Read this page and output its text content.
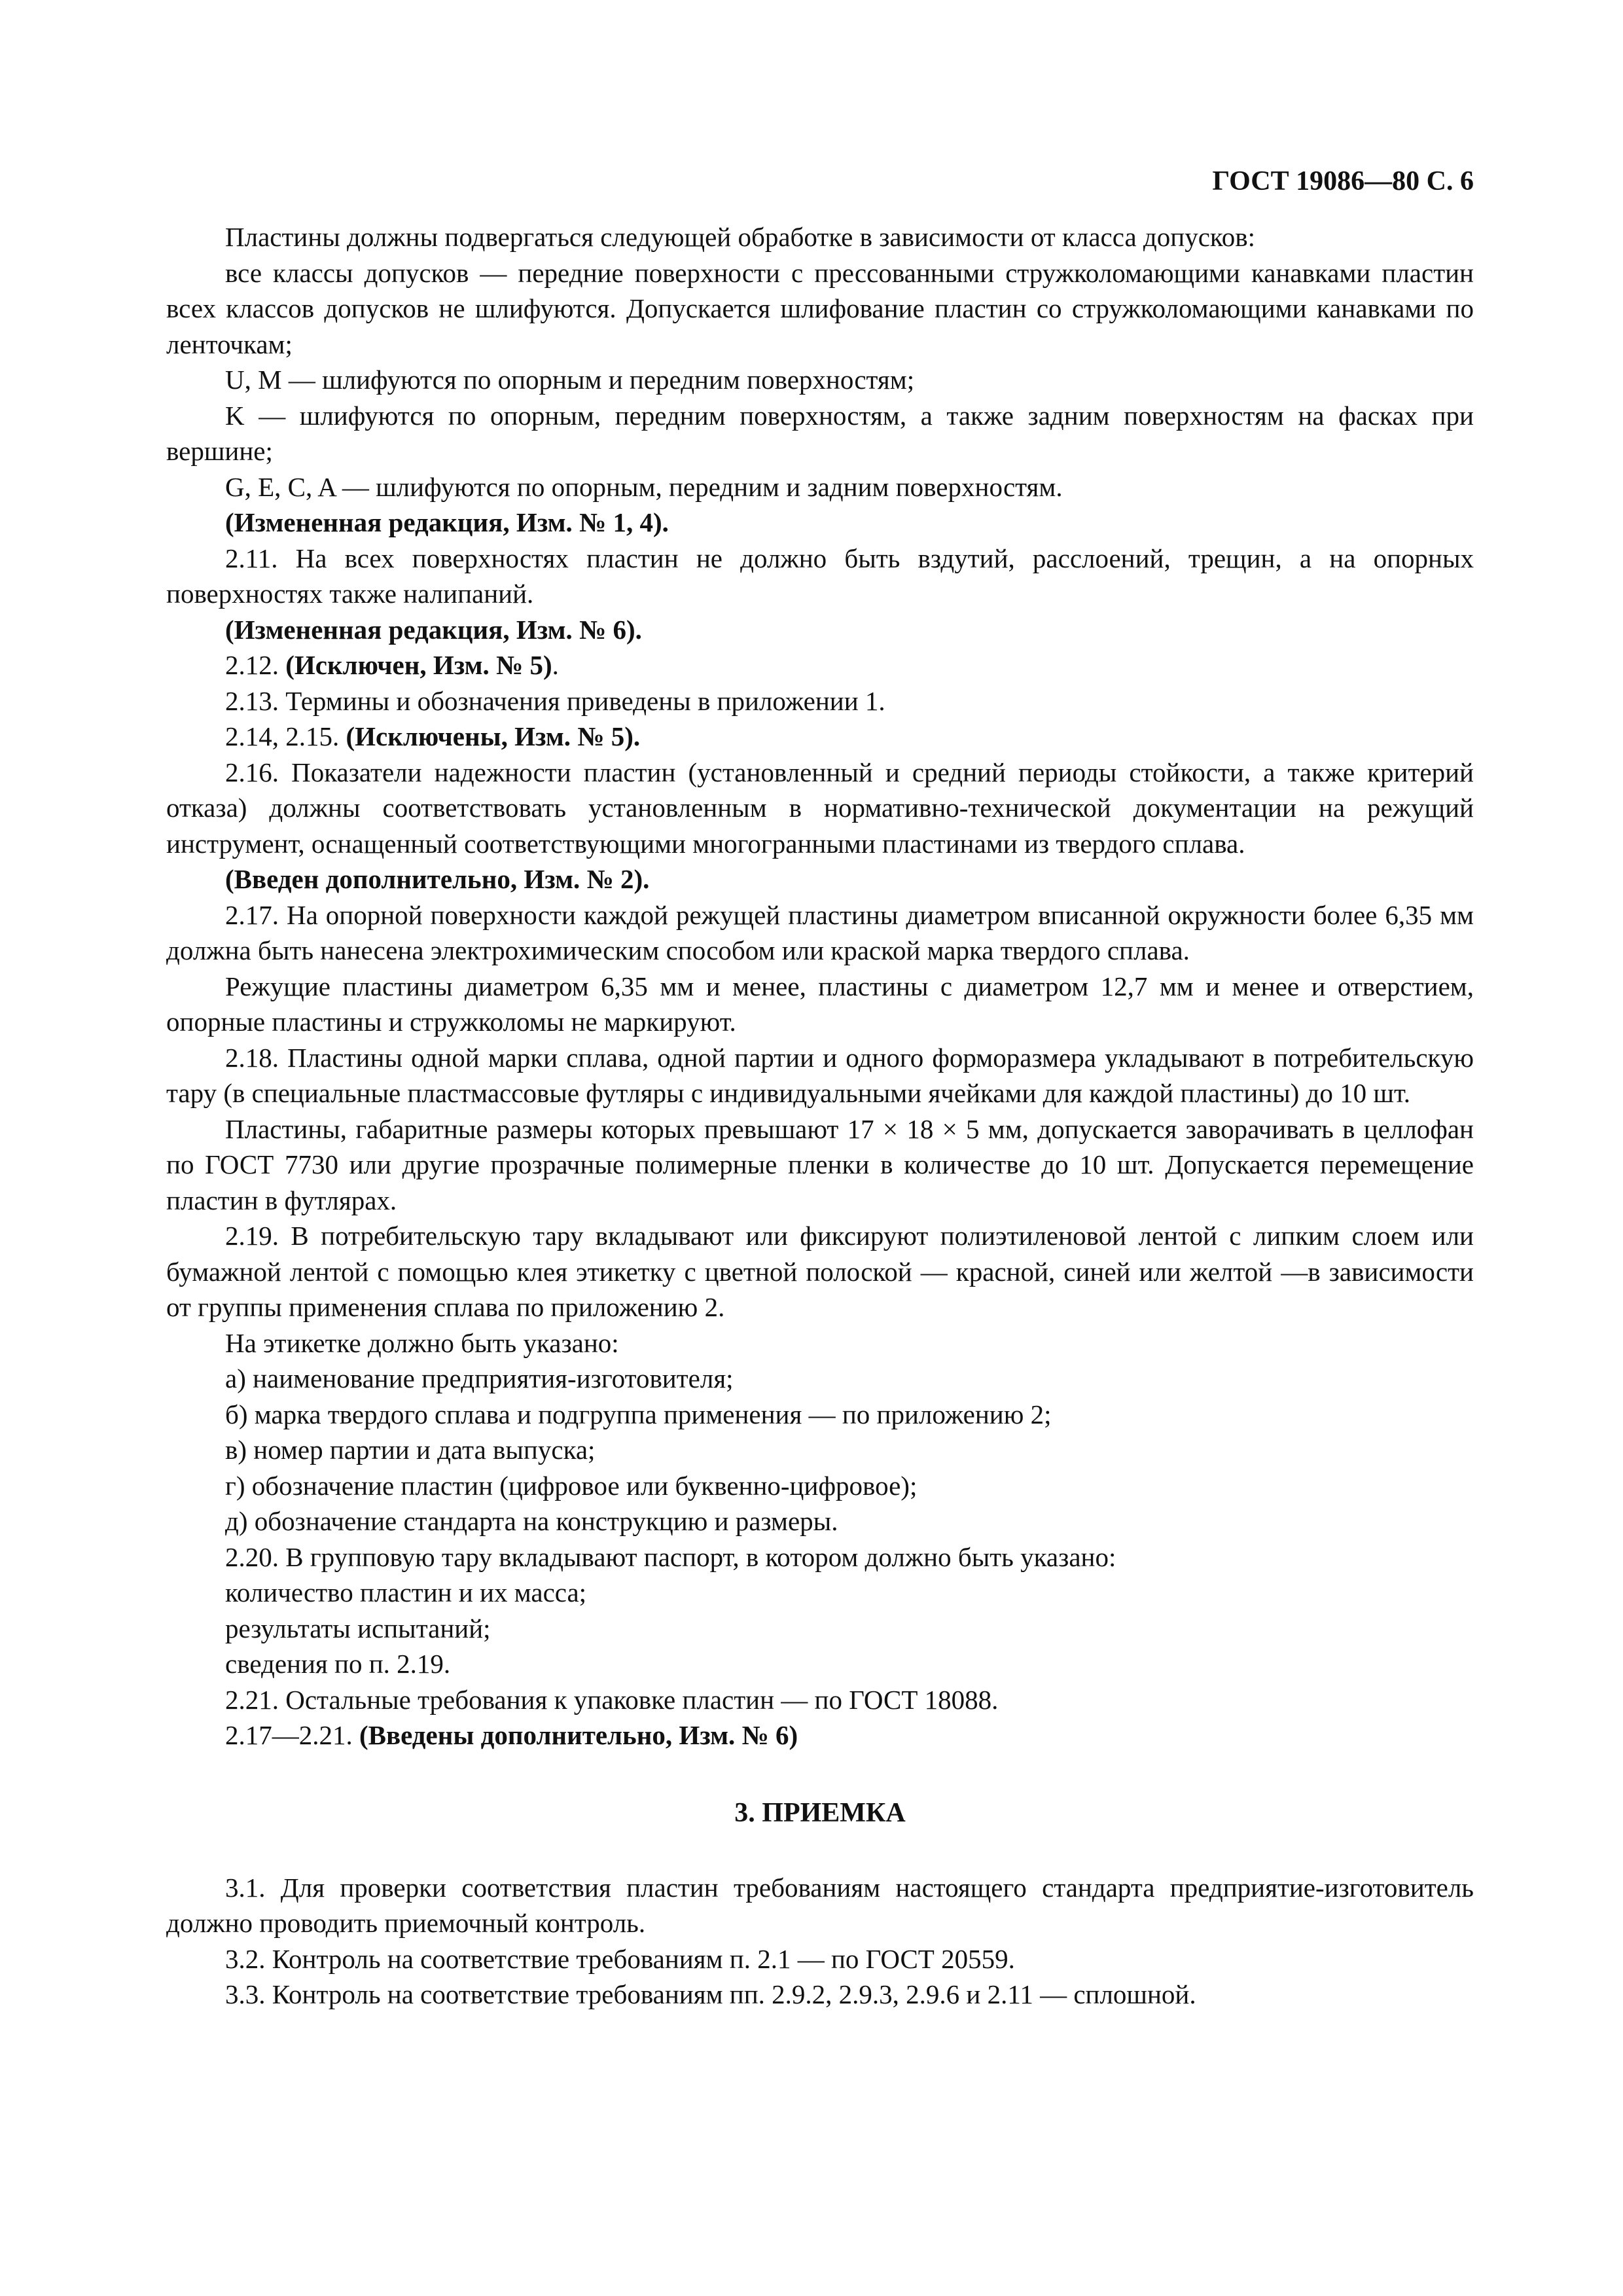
ГОСТ 19086—80 С. 6

Пластины должны подвергаться следующей обработке в зависимости от класса допусков:

все классы допусков — передние поверхности с прессованными стружколомающими канавками пластин всех классов допусков не шлифуются. Допускается шлифование пластин со стружколомающими канавками по ленточкам;

U, M — шлифуются по опорным и передним поверхностям;

K — шлифуются по опорным, передним поверхностям, а также задним поверхностям на фасках при вершине;

G, E, C, A — шлифуются по опорным, передним и задним поверхностям.

(Измененная редакция, Изм. № 1, 4).

2.11. На всех поверхностях пластин не должно быть вздутий, расслоений, трещин, а на опорных поверхностях также налипаний.

(Измененная редакция, Изм. № 6).

2.12. (Исключен, Изм. № 5).

2.13. Термины и обозначения приведены в приложении 1.

2.14, 2.15. (Исключены, Изм. № 5).

2.16. Показатели надежности пластин (установленный и средний периоды стойкости, а также критерий отказа) должны соответствовать установленным в нормативно-технической документации на режущий инструмент, оснащенный соответствующими многогранными пластинами из твердого сплава.

(Введен дополнительно, Изм. № 2).

2.17. На опорной поверхности каждой режущей пластины диаметром вписанной окружности более 6,35 мм должна быть нанесена электрохимическим способом или краской марка твердого сплава.

Режущие пластины диаметром 6,35 мм и менее, пластины с диаметром 12,7 мм и менее и отверстием, опорные пластины и стружколомы не маркируют.

2.18. Пластины одной марки сплава, одной партии и одного форморазмера укладывают в потребительскую тару (в специальные пластмассовые футляры с индивидуальными ячейками для каждой пластины) до 10 шт.

Пластины, габаритные размеры которых превышают 17 × 18 × 5 мм, допускается заворачивать в целлофан по ГОСТ 7730 или другие прозрачные полимерные пленки в количестве до 10 шт. Допускается перемещение пластин в футлярах.

2.19. В потребительскую тару вкладывают или фиксируют полиэтиленовой лентой с липким слоем или бумажной лентой с помощью клея этикетку с цветной полоской — красной, синей или желтой —в зависимости от группы применения сплава по приложению 2.

На этикетке должно быть указано:

а) наименование предприятия-изготовителя;

б) марка твердого сплава и подгруппа применения — по приложению 2;

в) номер партии и дата выпуска;

г) обозначение пластин (цифровое или буквенно-цифровое);

д) обозначение стандарта на конструкцию и размеры.

2.20. В групповую тару вкладывают паспорт, в котором должно быть указано:

количество пластин и их масса;

результаты испытаний;

сведения по п. 2.19.

2.21. Остальные требования к упаковке пластин — по ГОСТ 18088.

2.17—2.21. (Введены дополнительно, Изм. № 6)

3. ПРИЕМКА

3.1. Для проверки соответствия пластин требованиям настоящего стандарта предприятие-изготовитель должно проводить приемочный контроль.

3.2. Контроль на соответствие требованиям п. 2.1 — по ГОСТ 20559.

3.3. Контроль на соответствие требованиям пп. 2.9.2, 2.9.3, 2.9.6 и 2.11 — сплошной.
